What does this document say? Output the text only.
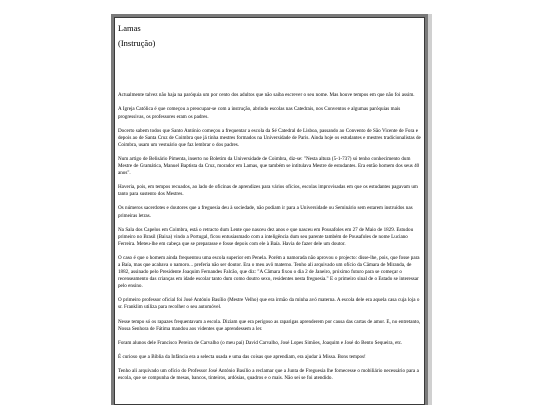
Lamas
(Instrução)

Actualmente talvez não haja na paróquia um por cento dos adultos que não saiba escrever o seu nome. Mas houve tempos em que não foi assim.

A Igreja Católica é que começou a preocupar-se com a instrução, abrindo escolas nas Catedrais, nos Conventos e algumas paróquias mais progressivas, os professores eram os padres.

Docerto sabem todos que Santo António começou a frequentar a escola da Sé Catedral de Lisboa, passando ao Convento de São Vicente de Fora e depois ao de Santa Cruz de Coimbra que já tinha mestres formados na Universidade de Paris. Ainda hoje os estudantes e mestres tradicionalistas de Coimbra, usam um vestuário que faz lembrar o dos padres.

Num artigo de Belisário Pimenta, inserto no Boletim da Universidade de Coimbra, diz-se: "Nesta altura (5-1-737) só tenho conhecimento dum Mestre de Gramática, Manuel Baptista da Cruz, morador em Lamas, que também se intitulava Mestre de estudantes. Era então homem dos seus 40 anos".

Haveria, pois, em tempos recuados, ao lado de oficinas de aprendizes para vários ofícios, escolas improvisadas em que os estudantes pagavam um tanto para sustento dos Mestres.

Os números sacerdotes e doutores que a freguesia deu à sociedade, não podiam ir para a Universidade ou Seminário sem estarem instruídos nas primeiras letras.

Na Sala dos Capelos em Coimbra, está o retracto dum Lente que nasceu dez anos e que nasceu em Pousafoles em 27 de Maio de 1829. Estudou primeiro no Brasil (Baixa) vindo a Portugal, ficou entusiasmado com a inteligência dum seu parente também de Pousafoles de nome Luciano Ferreira. Meteu-lhe em cabeça que se preparasse e fosse depois com ele à Baía. Havia de fazer dele um doutor.

O caso é que o homem ainda frequentou uma escola superior em Penela. Porém a namorada não aprovou o projecto: disse-lhe, pois, que fosse para a Baía, mas que acabava o namoro... preferia não ser doutor. Era o meu avô materno. Tenho ali arquivado um ofício da Câmara de Miranda, de 1882, assinado pelo Presidente Joaquim Fernandes Falcão, que diz: "A Câmara fixou o dia 2 de Janeiro, próximo futuro para se começar o recenseamento das crianças em idade escolar tanto dum como doutro sexo, residentes nesta freguesia." E o primeiro sinal de o Estado se interessar pelo ensino.

O primeiro professor oficial foi José António Basílio (Mestre Velho) que era irmão da minha avó materna. A escola dele era aquela casa cuja loja o sr. Franklim utiliza para recolher o seu automóvel.

Nesse tempo só os rapazes frequentavam a escola. Diziam que era perigoso as raparigas aprenderem por causa das cartas de amor. E, no entretanto, Nossa Senhora de Fátima mandou aos videntes que aprendessem a ler.

Foram alunos dele Francisco Pereira de Carvalho (o meu pai) David Carvalho, José Lopes Simões, Joaquim e José do Bento Sequeira, etc.

É curioso que a Bíblia da Infância era a selecta usada e uma das coisas que aprendiam, era ajudar à Missa. Bons tempos!

Tenho ali arquivado um ofício do Professor José António Basílio a reclamar que a Junta de Freguesia lhe fornecesse o mobiliário necessário para a escola, que se compunha de mesas, bancos, tinteiros, ardósias, quadros e o mais. Não sei se foi atendido.
